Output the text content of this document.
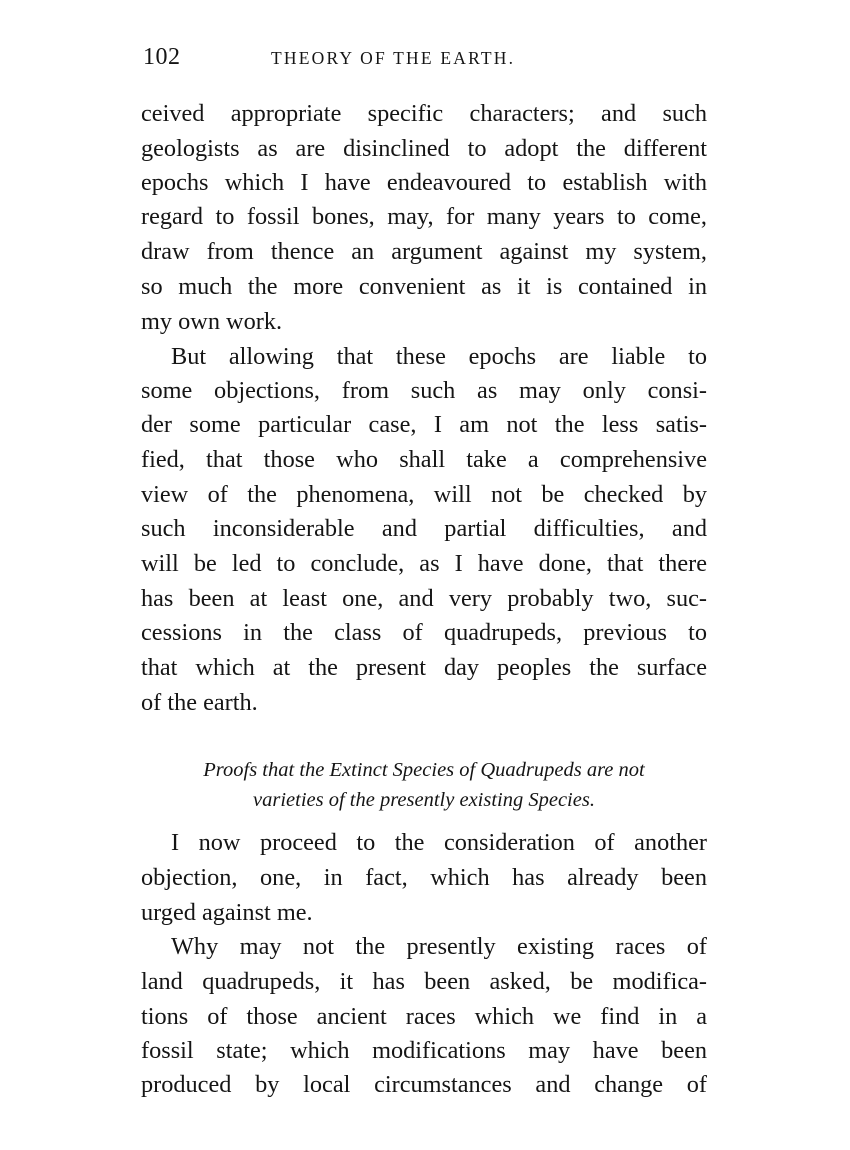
102	THEORY OF THE EARTH.
ceived appropriate specific characters; and such
geologists as are disinclined to adopt the different
epochs which I have endeavoured to establish with
regard to fossil bones, may, for many years to come,
draw from thence an argument against my system,
so much the more convenient as it is contained in
my own work.
But allowing that these epochs are liable to
some objections, from such as may only consi-
der some particular case, I am not the less satis-
fied, that those who shall take a comprehensive
view of the phenomena, will not be checked by
such inconsiderable and partial difficulties, and
will be led to conclude, as I have done, that there
has been at least one, and very probably two, suc-
cessions in the class of quadrupeds, previous to
that which at the present day peoples the surface
of the earth.
Proofs that the Extinct Species of Quadrupeds are not
varieties of the presently existing Species.
I now proceed to the consideration of another
objection, one, in fact, which has already been
urged against me.
Why may not the presently existing races of
land quadrupeds, it has been asked, be modifica-
tions of those ancient races which we find in a
fossil state; which modifications may have been
produced by local circumstances and change of
